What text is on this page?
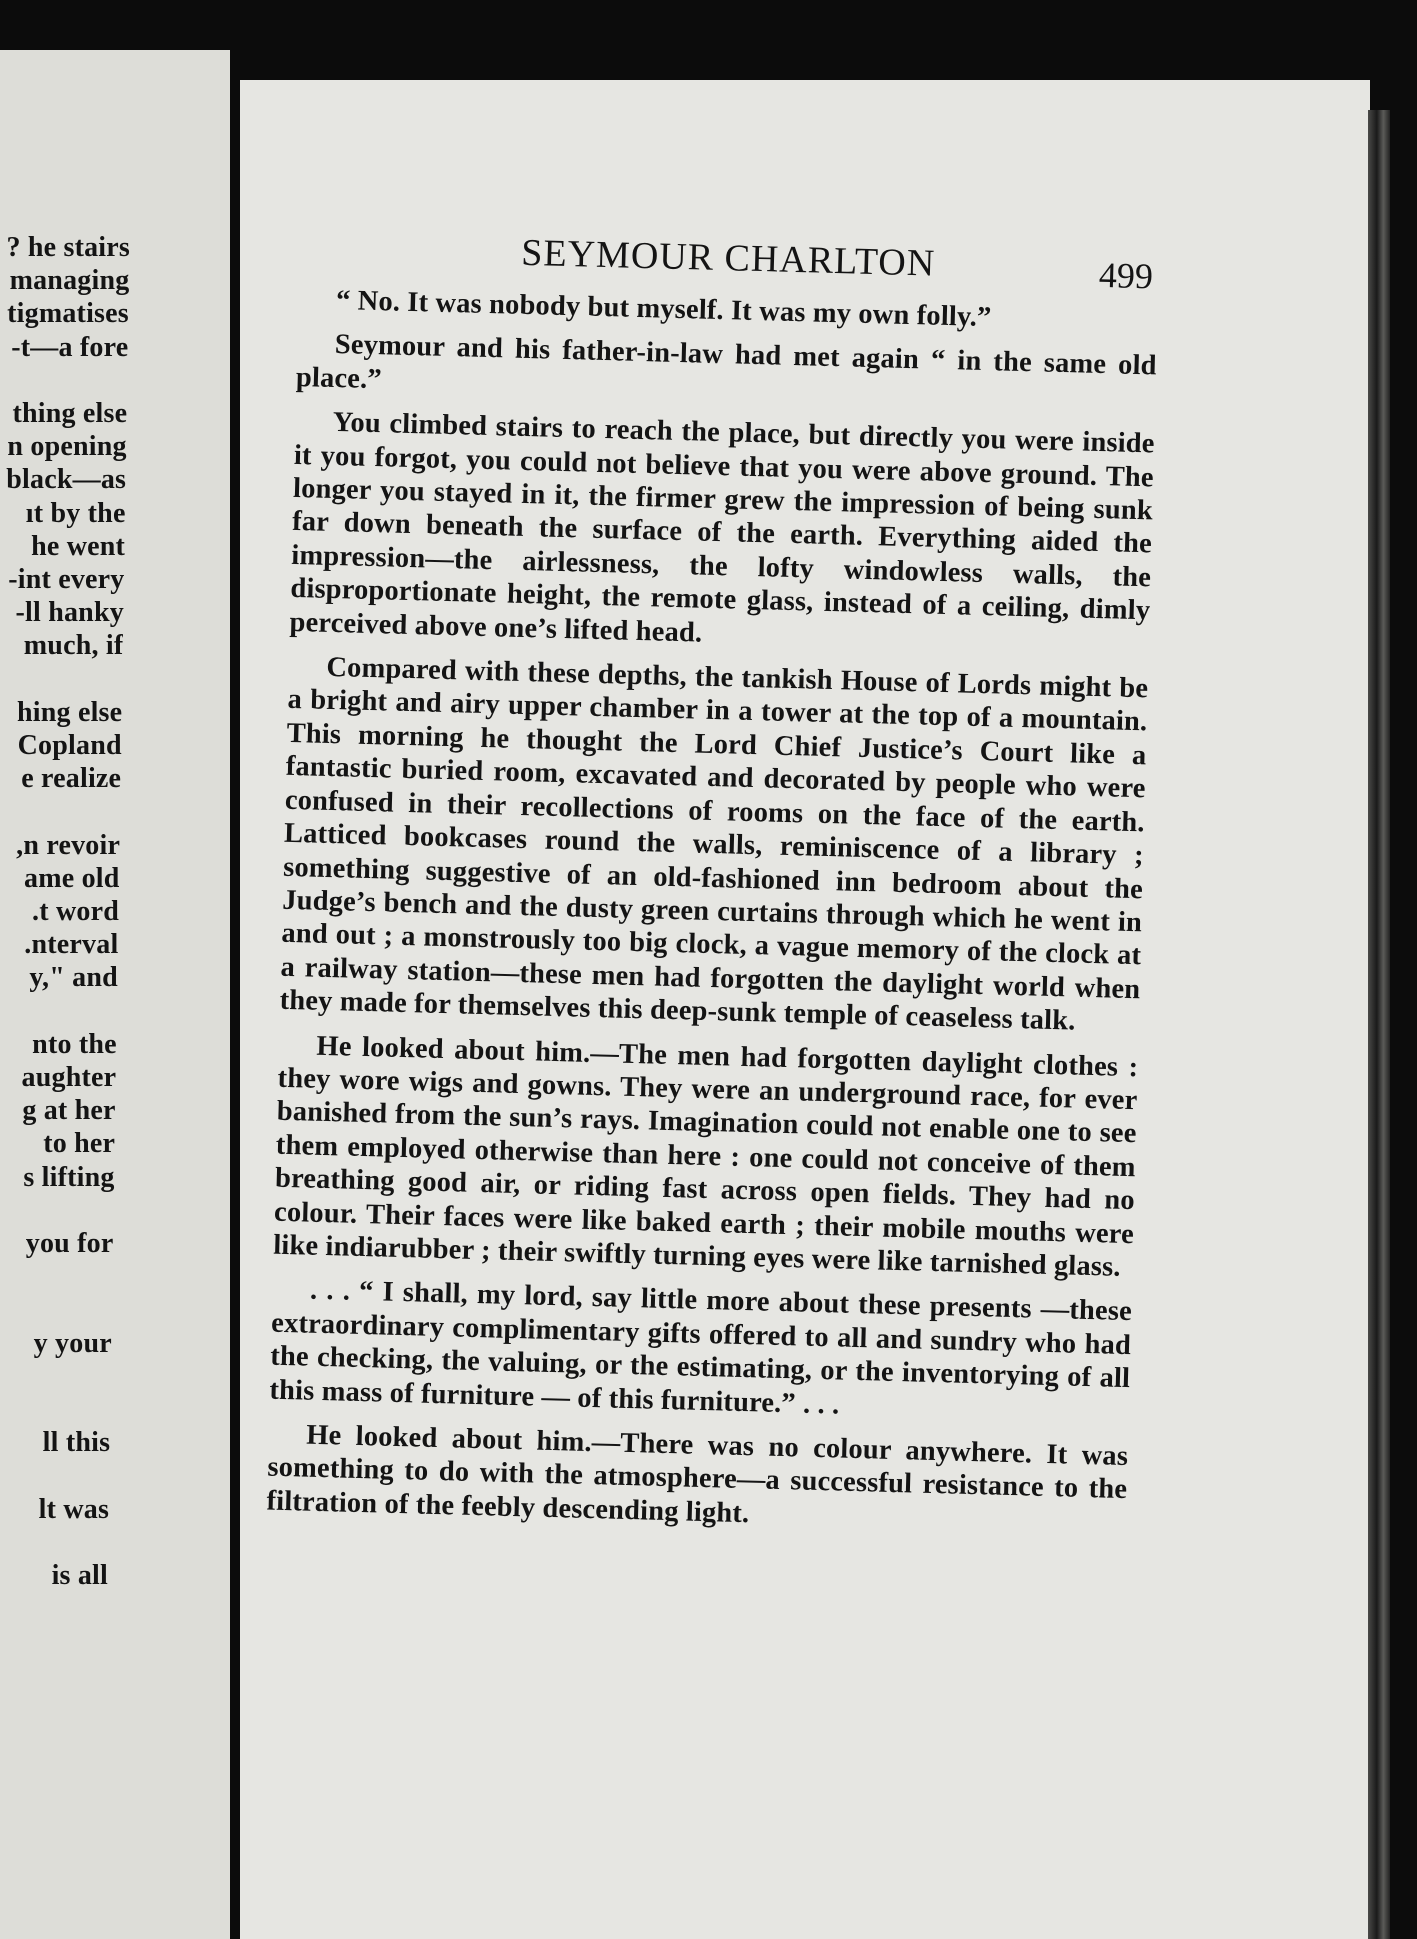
he stairs ?
managing
tigmatises
t—a fore-
thing else
n opening
black—as
ıt by the
he went
int every-
ll hanky-
much, if
hing else
Copland
e realize
n revoir,
ame old
t word.
nterval.
y," and
nto the
aughter
g at her
to her
s lifting
you for
y your
ll this
lt was
is all
SEYMOUR CHARLTON	499

“ No. It was nobody but myself. It was my own folly.”

Seymour and his father-in-law had met again “ in the same old place.”

You climbed stairs to reach the place, but directly you were inside it you forgot, you could not believe that you were above ground. The longer you stayed in it, the firmer grew the impression of being sunk far down beneath the surface of the earth. Everything aided the impression—the airlessness, the lofty windowless walls, the disproportionate height, the remote glass, instead of a ceiling, dimly perceived above one’s lifted head.

Compared with these depths, the tankish House of Lords might be a bright and airy upper chamber in a tower at the top of a mountain. This morning he thought the Lord Chief Justice’s Court like a fantastic buried room, excavated and decorated by people who were confused in their recollections of rooms on the face of the earth. Latticed bookcases round the walls, reminiscence of a library ; something suggestive of an old-fashioned inn bedroom about the Judge’s bench and the dusty green curtains through which he went in and out ; a monstrously too big clock, a vague memory of the clock at a railway station—these men had forgotten the daylight world when they made for themselves this deep-sunk temple of ceaseless talk.

He looked about him.—The men had forgotten daylight clothes : they wore wigs and gowns. They were an underground race, for ever banished from the sun’s rays. Imagination could not enable one to see them employed otherwise than here : one could not conceive of them breathing good air, or riding fast across open fields. They had no colour. Their faces were like baked earth ; their mobile mouths were like indiarubber ; their swiftly turning eyes were like tarnished glass.

. . . “ I shall, my lord, say little more about these presents —these extraordinary complimentary gifts offered to all and sundry who had the checking, the valuing, or the estimating, or the inventorying of all this mass of furniture — of this furniture.” . . .

He looked about him.—There was no colour anywhere. It was something to do with the atmosphere—a successful resistance to the filtration of the feebly descending light.
